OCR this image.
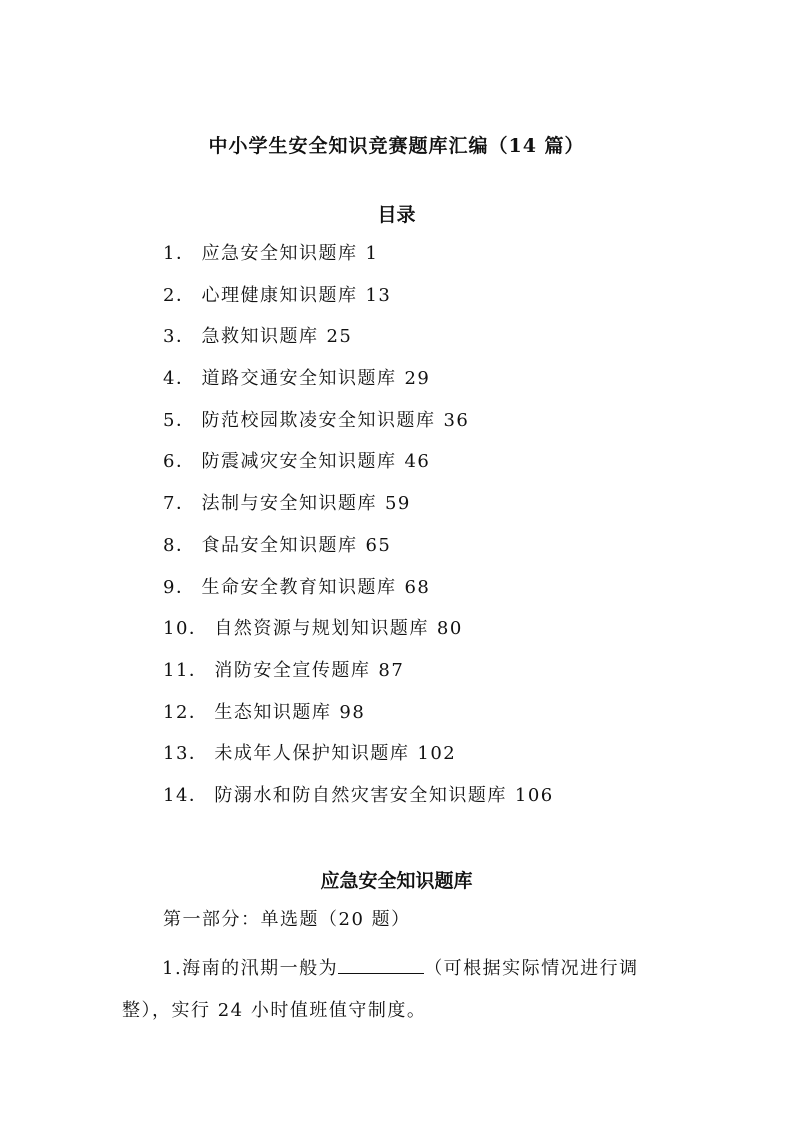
中小学生安全知识竞赛题库汇编（14 篇）
目录
1． 应急安全知识题库 1
2． 心理健康知识题库 13
3． 急救知识题库 25
4． 道路交通安全知识题库 29
5． 防范校园欺凌安全知识题库 36
6． 防震减灾安全知识题库 46
7． 法制与安全知识题库 59
8． 食品安全知识题库 65
9． 生命安全教育知识题库 68
10． 自然资源与规划知识题库 80
11． 消防安全宣传题库 87
12． 生态知识题库 98
13． 未成年人保护知识题库 102
14． 防溺水和防自然灾害安全知识题库 106
应急安全知识题库
第一部分：单选题（20 题）

1.海南的汛期一般为	（可根据实际情况进行调整），实行 24 小时值班值守制度。
